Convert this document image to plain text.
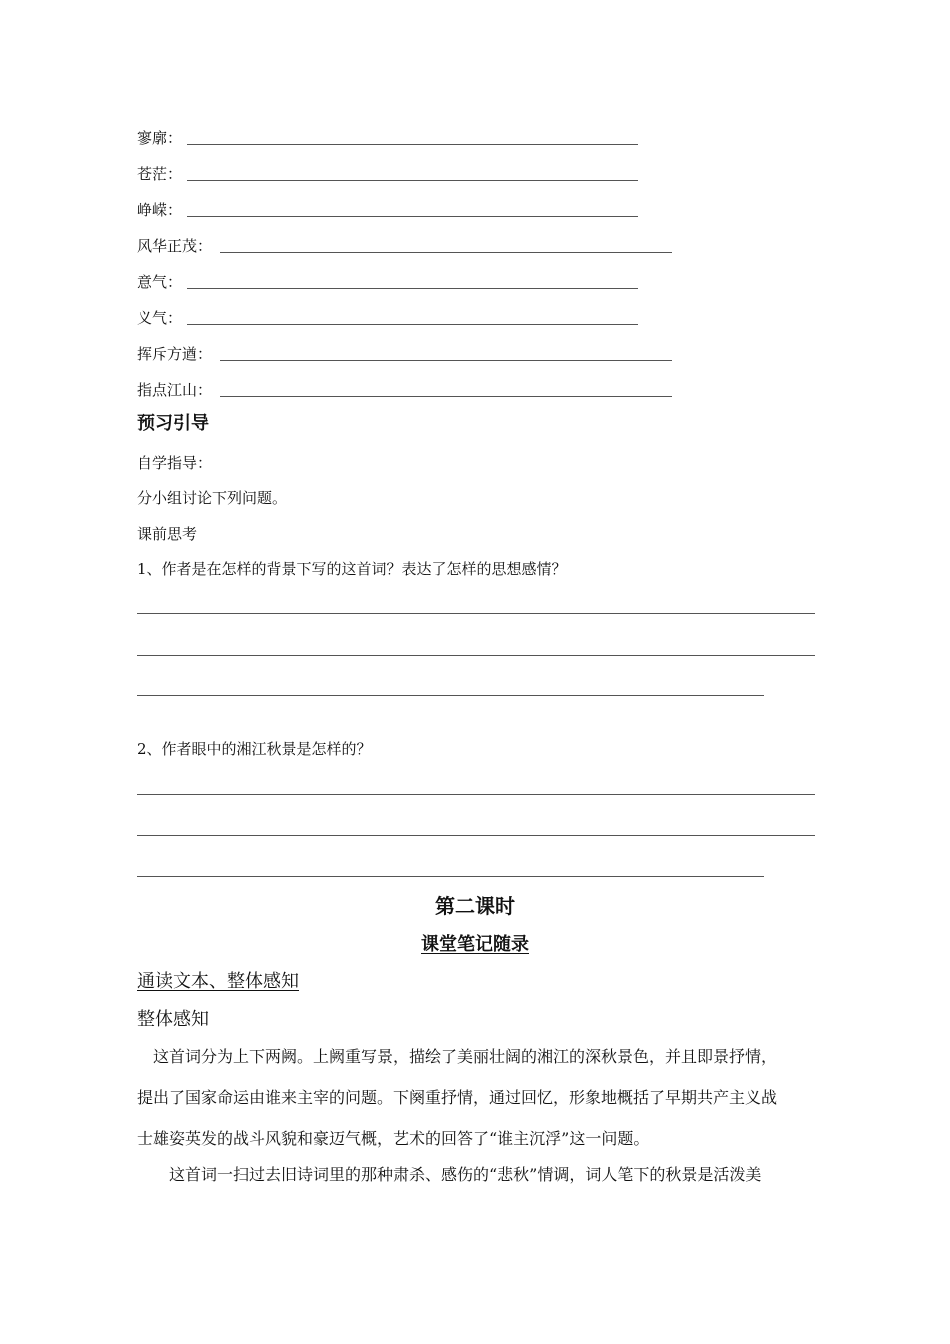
寥廓：
苍茫：
峥嵘：
风华正茂：
意气：
义气：
挥斥方遒：
指点江山：
预习引导
自学指导：
分小组讨论下列问题。
课前思考
1、作者是在怎样的背景下写的这首词？表达了怎样的思想感情？
2、作者眼中的湘江秋景是怎样的？
第二课时
课堂笔记随录
通读文本、整体感知
整体感知
这首词分为上下两阙。上阙重写景，描绘了美丽壮阔的湘江的深秋景色，并且即景抒情，
提出了国家命运由谁来主宰的问题。下阕重抒情，通过回忆，形象地概括了早期共产主义战
士雄姿英发的战斗风貌和豪迈气概，艺术的回答了“谁主沉浮”这一问题。
这首词一扫过去旧诗词里的那种肃杀、感伤的“悲秋”情调，词人笔下的秋景是活泼美
